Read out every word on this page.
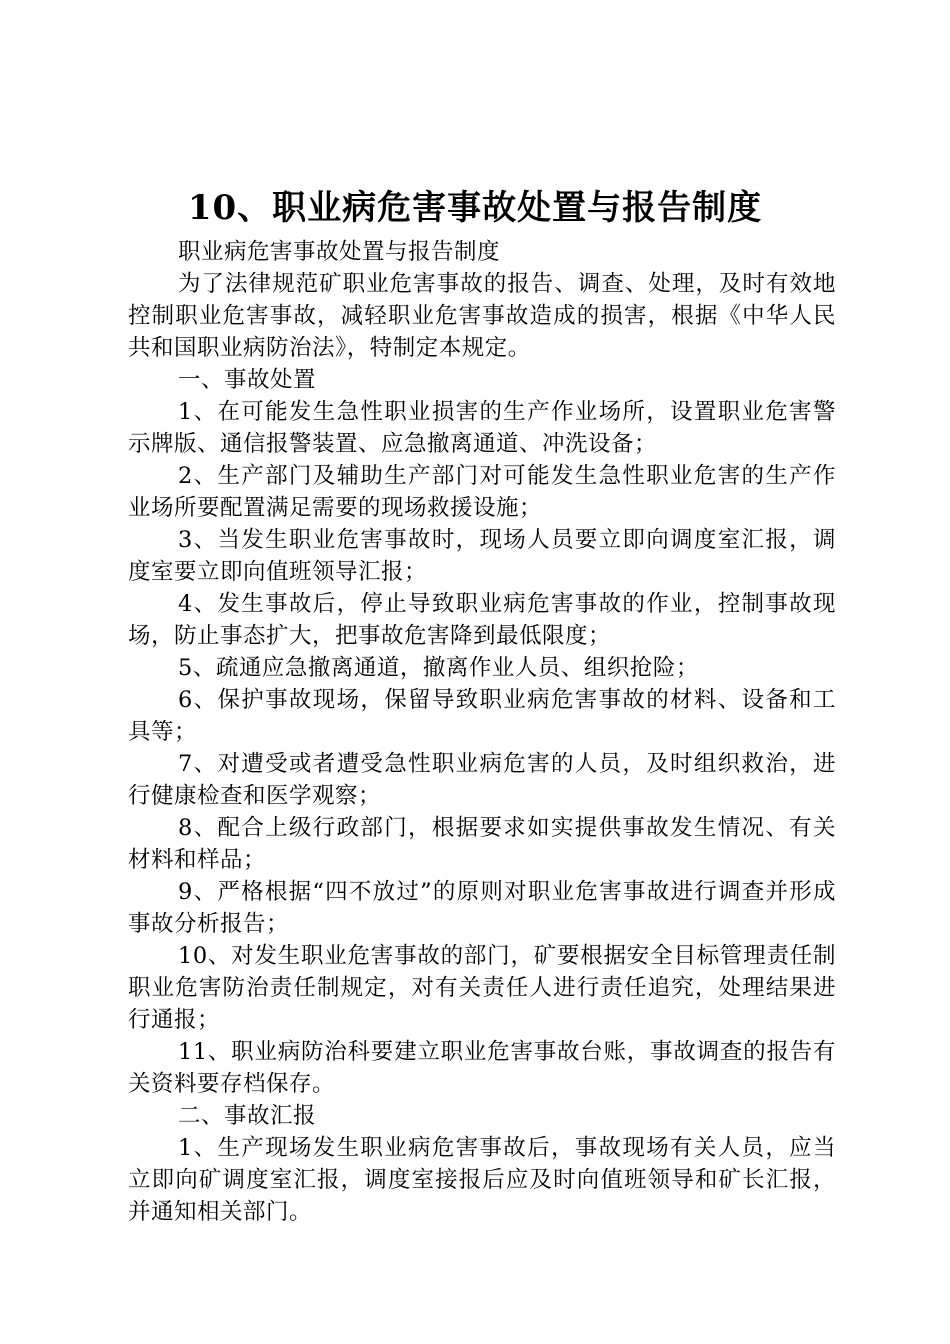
10、职业病危害事故处置与报告制度

职业病危害事故处置与报告制度

为了法律规范矿职业危害事故的报告、调查、处理，及时有效地控制职业危害事故，减轻职业危害事故造成的损害，根据《中华人民共和国职业病防治法》，特制定本规定。

一、事故处置

1、在可能发生急性职业损害的生产作业场所，设置职业危害警示牌版、通信报警装置、应急撤离通道、冲洗设备；

2、生产部门及辅助生产部门对可能发生急性职业危害的生产作业场所要配置满足需要的现场救援设施；

3、当发生职业危害事故时，现场人员要立即向调度室汇报，调度室要立即向值班领导汇报；

4、发生事故后，停止导致职业病危害事故的作业，控制事故现场，防止事态扩大，把事故危害降到最低限度；

5、疏通应急撤离通道，撤离作业人员、组织抢险；

6、保护事故现场，保留导致职业病危害事故的材料、设备和工具等；

7、对遭受或者遭受急性职业病危害的人员，及时组织救治，进行健康检查和医学观察；

8、配合上级行政部门，根据要求如实提供事故发生情况、有关材料和样品；

9、严格根据“四不放过”的原则对职业危害事故进行调查并形成事故分析报告；

10、对发生职业危害事故的部门，矿要根据安全目标管理责任制职业危害防治责任制规定，对有关责任人进行责任追究，处理结果进行通报；

11、职业病防治科要建立职业危害事故台账，事故调查的报告有关资料要存档保存。

二、事故汇报

1、生产现场发生职业病危害事故后，事故现场有关人员，应当立即向矿调度室汇报，调度室接报后应及时向值班领导和矿长汇报，并通知相关部门。
